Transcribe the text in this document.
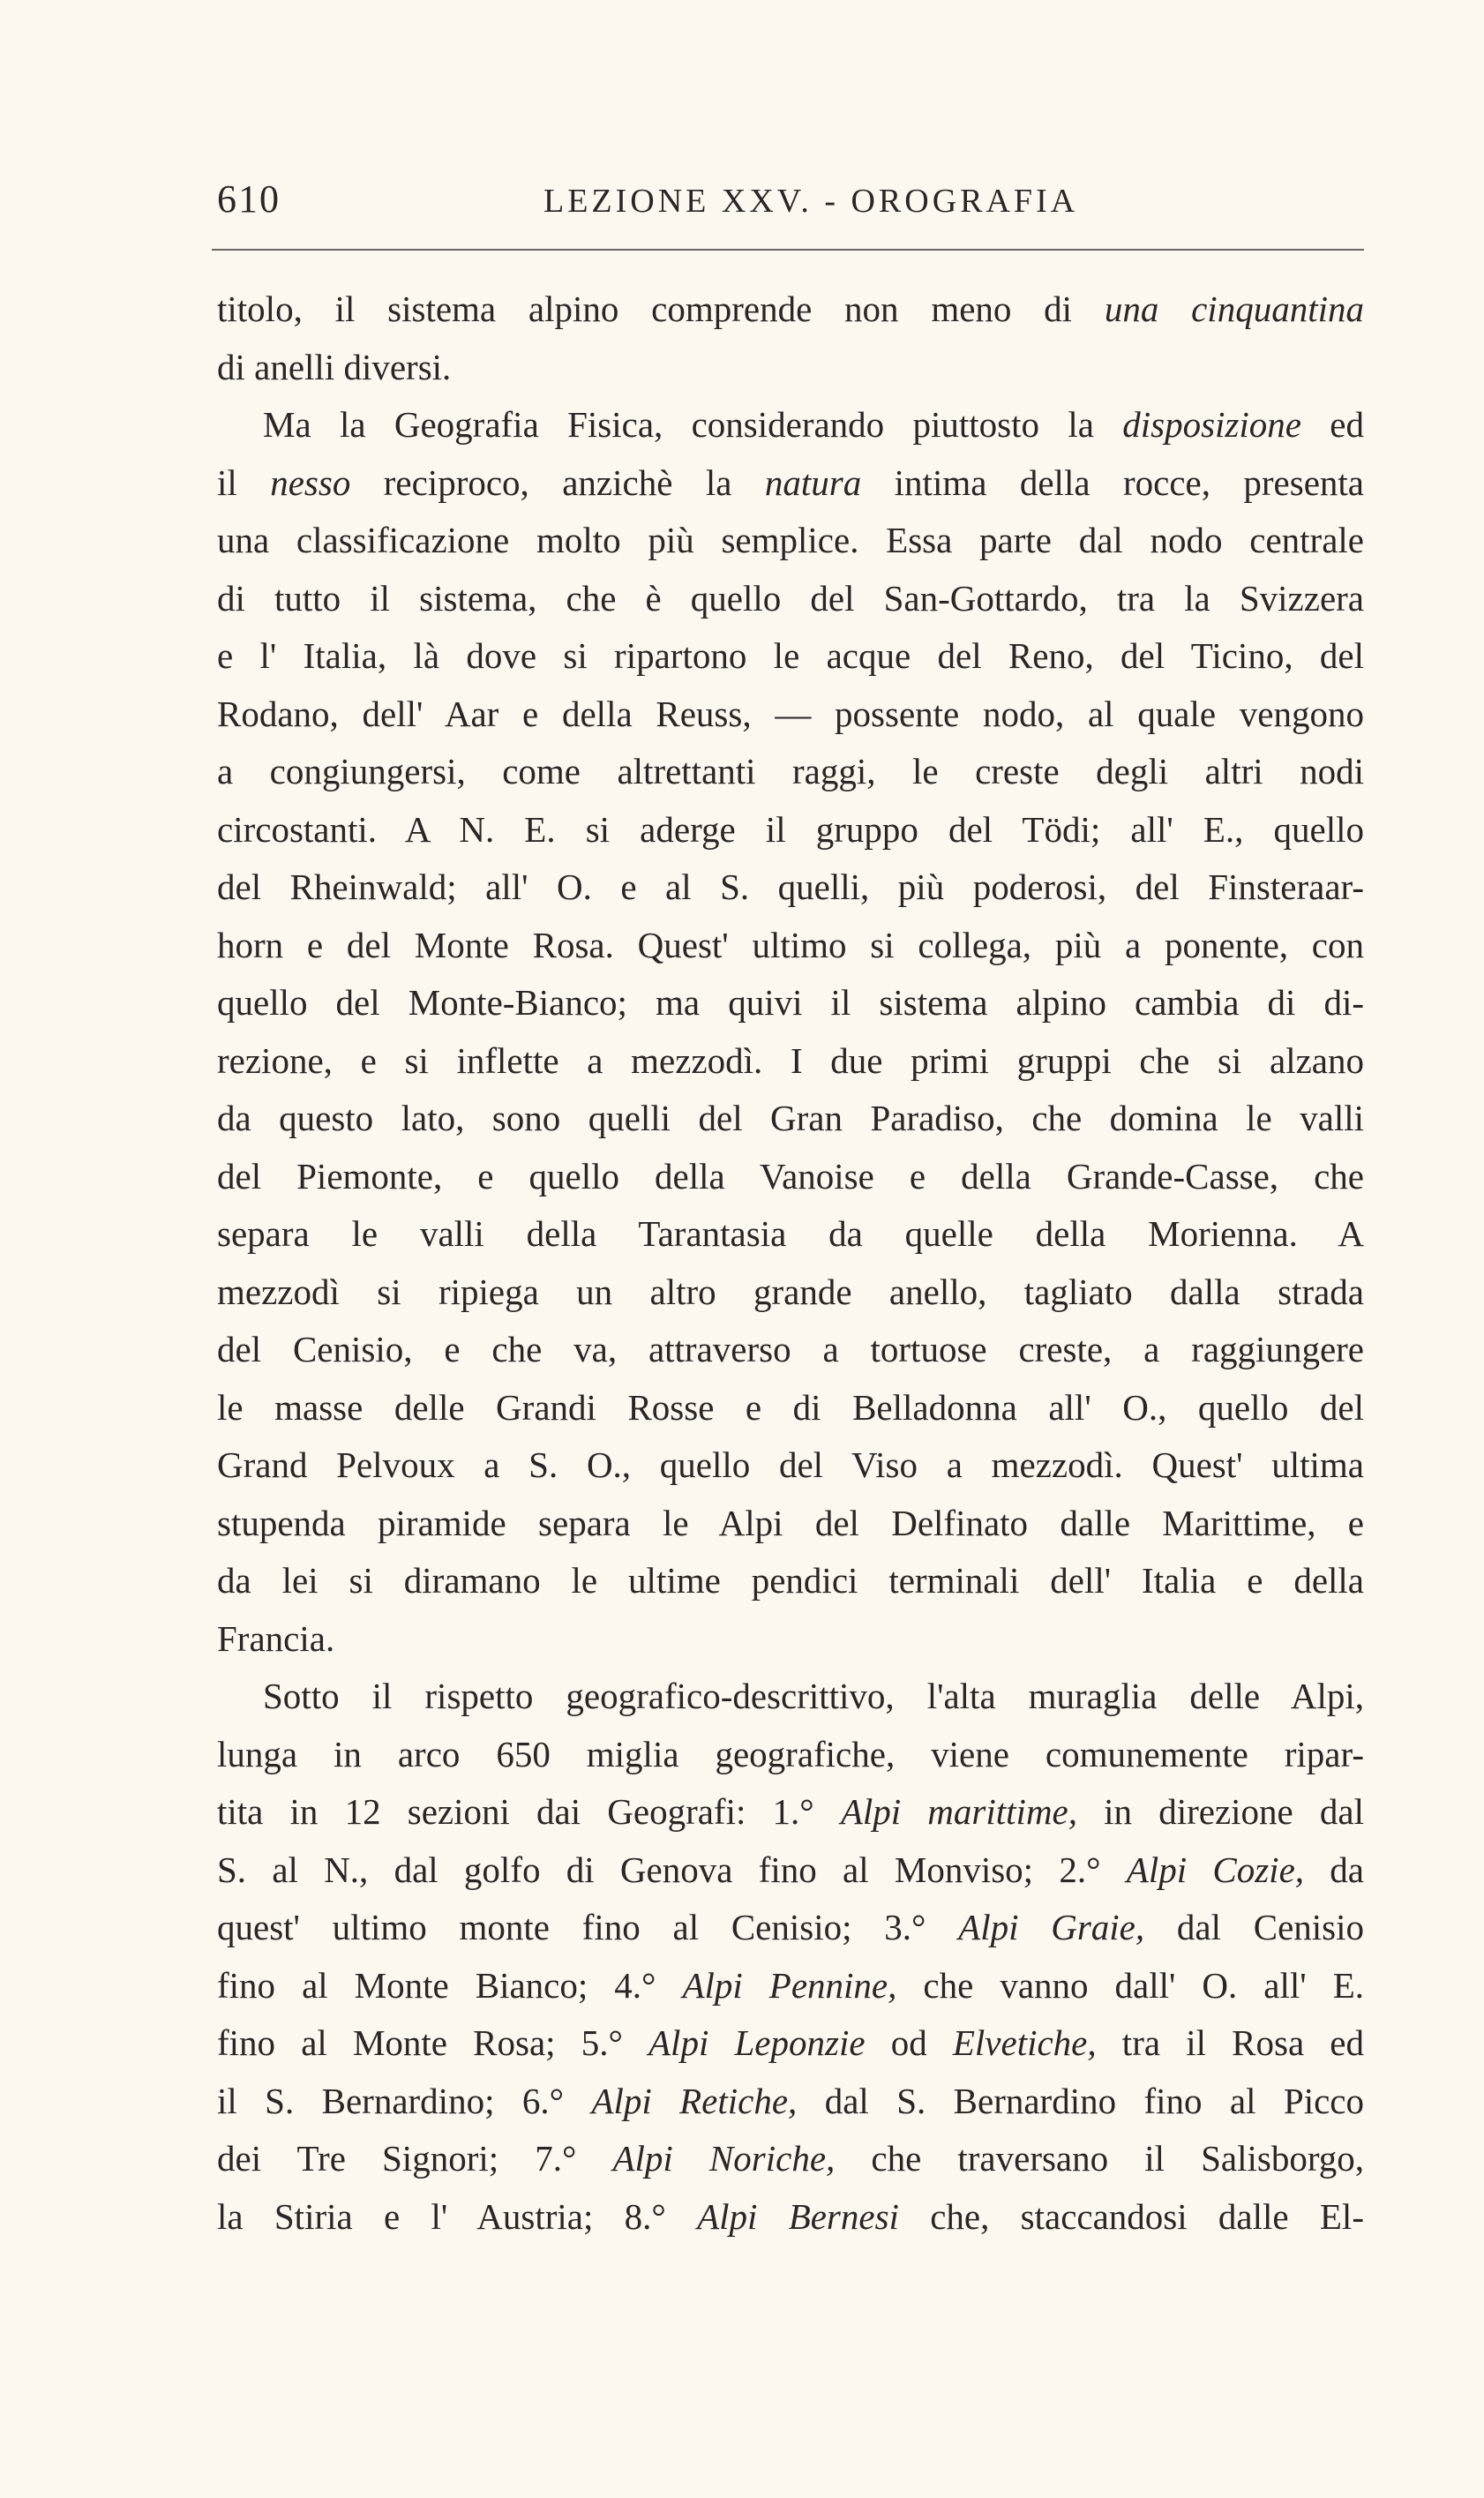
610	LEZIONE XXV. - OROGRAFIA
titolo, il sistema alpino comprende non meno di una cinquantina
di anelli diversi.
Ma la Geografia Fisica, considerando piuttosto la disposizione ed
il nesso reciproco, anzichè la natura intima della rocce, presenta
una classificazione molto più semplice. Essa parte dal nodo centrale
di tutto il sistema, che è quello del San-Gottardo, tra la Svizzera
e l' Italia, là dove si ripartono le acque del Reno, del Ticino, del
Rodano, dell' Aar e della Reuss, — possente nodo, al quale vengono
a congiungersi, come altrettanti raggi, le creste degli altri nodi
circostanti. A N. E. si aderge il gruppo del Tödi; all' E., quello
del Rheinwald; all' O. e al S. quelli, più poderosi, del Finsteraar-
horn e del Monte Rosa. Quest' ultimo si collega, più a ponente, con
quello del Monte-Bianco; ma quivi il sistema alpino cambia di di-
rezione, e si inflette a mezzodì. I due primi gruppi che si alzano
da questo lato, sono quelli del Gran Paradiso, che domina le valli
del Piemonte, e quello della Vanoise e della Grande-Casse, che
separa le valli della Tarantasia da quelle della Morienna. A
mezzodì si ripiega un altro grande anello, tagliato dalla strada
del Cenisio, e che va, attraverso a tortuose creste, a raggiungere
le masse delle Grandi Rosse e di Belladonna all' O., quello del
Grand Pelvoux a S. O., quello del Viso a mezzodì. Quest' ultima
stupenda piramide separa le Alpi del Delfinato dalle Marittime, e
da lei si diramano le ultime pendici terminali dell' Italia e della
Francia.
Sotto il rispetto geografico-descrittivo, l'alta muraglia delle Alpi,
lunga in arco 650 miglia geografiche, viene comunemente ripar-
tita in 12 sezioni dai Geografi: 1.° Alpi marittime, in direzione dal
S. al N., dal golfo di Genova fino al Monviso; 2.° Alpi Cozie, da
quest' ultimo monte fino al Cenisio; 3.° Alpi Graie, dal Cenisio
fino al Monte Bianco; 4.° Alpi Pennine, che vanno dall' O. all' E.
fino al Monte Rosa; 5.° Alpi Leponzie od Elvetiche, tra il Rosa ed
il S. Bernardino; 6.° Alpi Retiche, dal S. Bernardino fino al Picco
dei Tre Signori; 7.° Alpi Noriche, che traversano il Salisborgo,
la Stiria e l' Austria; 8.° Alpi Bernesi che, staccandosi dalle El-
